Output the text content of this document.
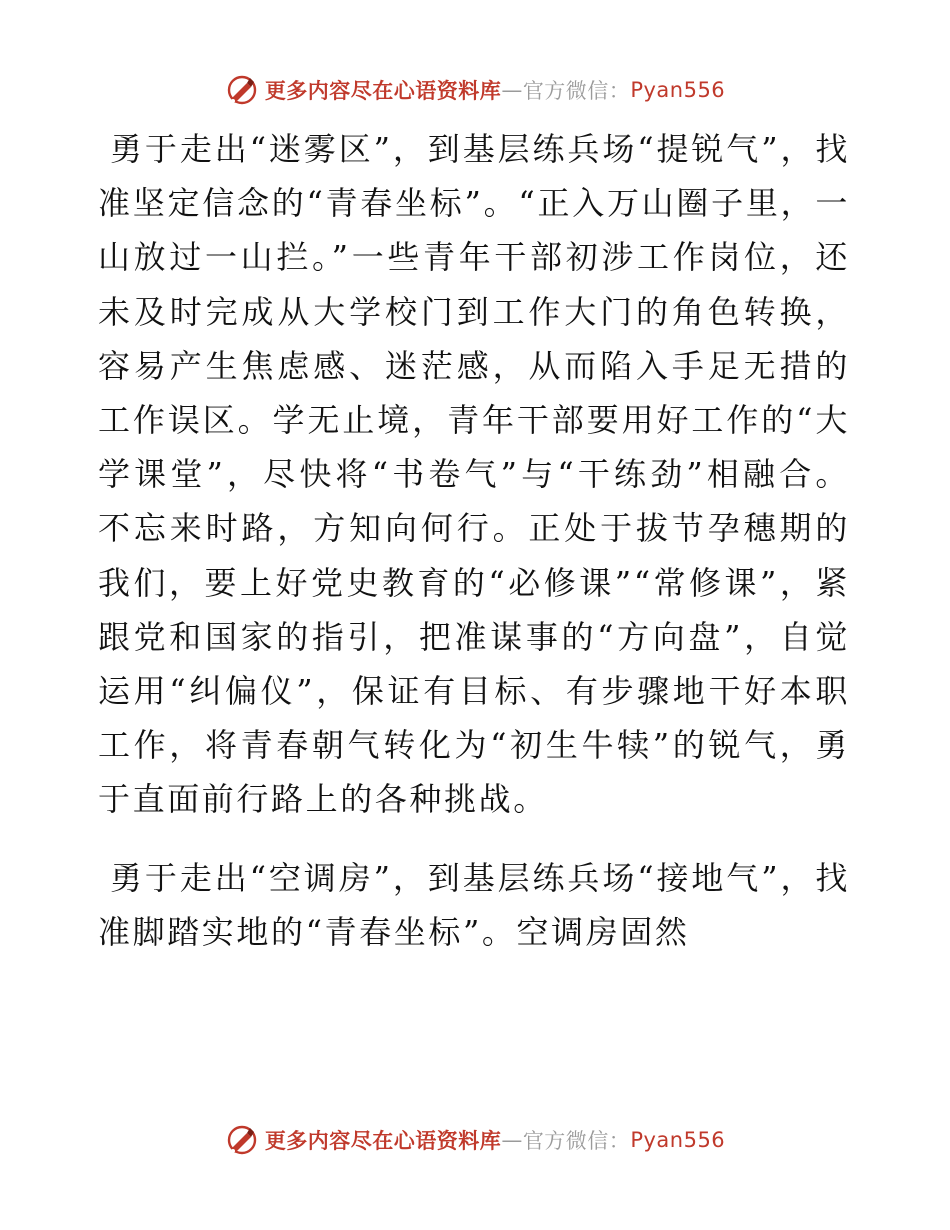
更多内容尽在心语资料库 — 官方微信： Pyan556

勇于走出“迷雾区”，到基层练兵场“提锐气”，找准坚定信念的“青春坐标”。“正入万山圈子里，一山放过一山拦。”一些青年干部初涉工作岗位，还未及时完成从大学校门到工作大门的角色转换，容易产生焦虑感、迷茫感，从而陷入手足无措的工作误区。学无止境，青年干部要用好工作的“大学课堂”，尽快将“书卷气”与“干练劲”相融合。不忘来时路，方知向何行。正处于拔节孕穗期的我们，要上好党史教育的“必修课”“常修课”，紧跟党和国家的指引，把准谋事的“方向盘”，自觉运用“纠偏仪”，保证有目标、有步骤地干好本职工作，将青春朝气转化为“初生牛犊”的锐气，勇于直面前行路上的各种挑战。

勇于走出“空调房”，到基层练兵场“接地气”，找准脚踏实地的“青春坐标”。空调房固然

更多内容尽在心语资料库 — 官方微信： Pyan556
